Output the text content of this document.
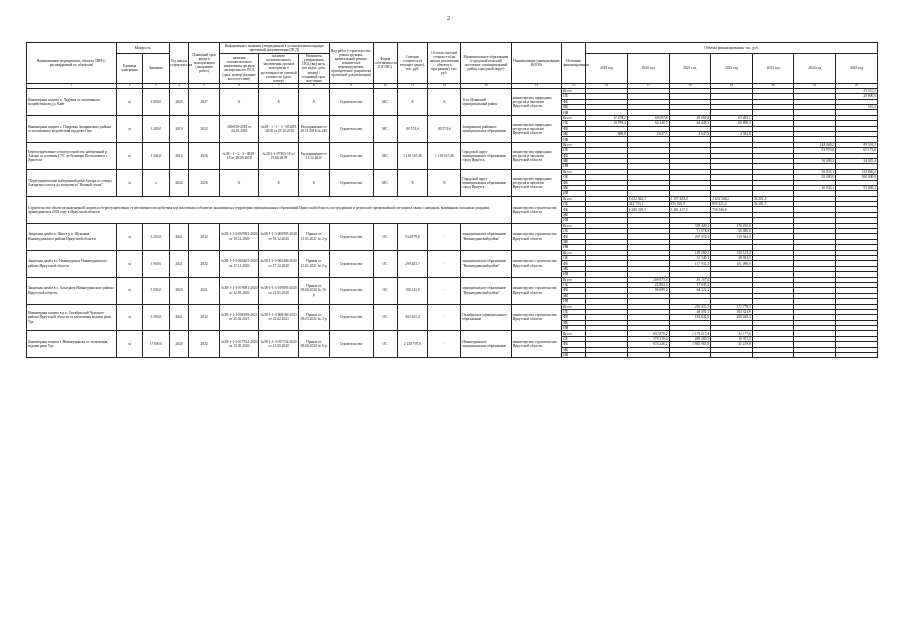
2
Наименование мероприятия, объекта, ПИР (с расшифровкой по объектам)	Мощность		Год начала строительства	Плановый срок ввода в эксплуатацию (окончания работ)	Информация о наличии утвержденной в установленном порядке проектной документации (ПСД)			Вид работ (строительство, реконструкция, капитальный ремонт, техническое перевооружение, приобретение, разработка проектной документации)	Форма собственности (ОС/МС)	Сметная стоимость (в текущих ценах), тыс. руб.	Остаток сметной стоимости (на начало реализации объекта и программы), тыс. руб.	Муниципальное образование (городской/сельский поселение, муниципальный район, городской округ)	Наименование (наименование ИОГВ)	Источник финансирования	Объемы финансирования, тыс. руб.						
	Единица измерения	Значение			наличие положительного заключения органов экспертизы по ПСД (дата, номер/указание на отсутствие)	наличие положительного заключения органов экспертизы о достоверности сметной стоимости (дата, номер)	Реквизиты утверждения ПСД (вид акта, кто издал, дата, номер) / плановый срок получения								2019 год	2020 год	2021 год	2022 год	2023 год	2024 год	2025 год

1	2	3	4	5	6	7	8	9	10	11	12	13	14	15	16	17	18	19	20	21	22
Инженерная защита п. Ладунья от негативного воздействия вод р. Кайт	м	2 000,0	2025	2027	Х	Х	Х	Строительство	МС	Х	Х	Усть-Илимский муниципальный район	министерство природных ресурсов и экологии Иркутской области	Всего							25 510,2
														ОБ							25 000,0
														ФБ							
														МБ							510,2
														ИИ							
Инженерная защита с. Покровка Заларинского района от негативного воздействия вод реки Оки	м	3 280,0	2019	2022	269/038-2018 от 24.10.2018	№38 - 1 - 1 - 3 - 003295 - 2018 от 25.10.2018	Распоряжение от 29.11.2018 № 243	Строительство	МС	80 574,6	80 574,6	Заларинское районное муниципальное образование	министерство природных ресурсов и экологии Иркутской области	Всего	11 478,2	69 093,8	49 095,8	63 482,1			
														ОБ	10 789,4	64 448,5	64 448,5	60 898,3			
														ФБ							
														МБ	688,8	4 647,3	4 647,3	4 583,8			
														ИИ							
Берегоукрепление и благоустройство набережной р. Ангара от плотины ГЭС до бульвара Постышева в г. Иркутске	м	1 342,0	2014	2016	№38 - 1 - 1 - 3 - 0039 - 18 от 28.05.2018	№38-1-1-07565-18 от 15.06.2018	Распоряжение от 11.12.2020	Строительство	МС	1 118 167,46	1 118 167,46	Городской округ муниципальное образование город Иркутск	министерство природных ресурсов и экологии Иркутской области	Всего						144 569,2	89 501,2
														ОБ						93 970,0	65 175,8
														ФБ							
														МБ						50 599,2	24 325,4
														ИИ							
"Берегоукрепление набережной реки Ангара от створа Ангарского моста до монумента "Вечный огонь"	м	х	2024	2026	Х	Х	Х	Строительство	МС	Х	Х	Городской округ муниципальное образование город Иркутск	министерство природных ресурсов и экологии Иркутской области	Всего						36 933,1	153 846,2
														ОБ						20 000,0	100 000,0
														ФБ							
														МБ						16 933,1	53 846,2
														ИИ							
Строительство объектов инженерной защиты и берегоукрепления от негативного воздействия вод населения и объектов экономики на территории муниципальных образований Иркутской области, пострадавших в результате чрезвычайной ситуации в связи с паводком, вызванным сильными дождями, прошедшими в 2019 году в Иркутской области													министерство строительства Иркутской области	Всего		1 632 062,3	1 157 444,4	1 632 168,2	56 281,5		
														ОБ		342 733,1	876 026,9	865 421,4	56 281,5		
														ФБ		1 289 329,3	3 281 417,5	756 546,8			
														МБ							
														ИИ							
Защитная дамба п. Шиа в р.п. Шуманиа Нижнеудинского района Иркутской области	м	5 253,0	2021	2022	№38-1-1-3-065993-2020 от 10.12.2020	№38-1-1-3-065995-2020 от 18.12.2020	Приказ от 31.01.2021 № 2-р	Строительство	ОС	514 879,8	-	муниципальное образование "Нижнеудинский район"	министерство строительства Иркутской области	Всего			338 449,2	176 430,6			
														ОБ			71 074,3	56 486,6			
														ФБ			267 374,9	119 944,0			
														МБ							
														ИИ							
Защитная дамба в г. Нижнеудинск Нижнеудинского района Иркутской области	м	3 900,0	2021	2022	№38-1-1-3-065403-2020 от 17.12.2020	№38-1-1-3-065406-2020 от 17.12.2020	Приказ от 23.01.2021 № 2-р	Строительство	ОС	299 403,7	-	муниципальное образование "Нижнеудинский район"	министерство строительства Иркутской области	Всего			149 280,3	150 123,4			
														ОБ			31 349,1	48 024,5			
														ФБ			117 931,2	101 098,9			
														МБ							
														ИИ							
Защитная дамба в с. Алыгджер Нижнеудинского района Иркутской области	м	3 505,0	2020	2021	№38-1-1-3-019091-2020 от 12.05.2020	№38-1-1-3-019093-2020 от 21.05.2020	Приказ от 09.06.2020 № 35-р	Строительство	ОС	190 141,0	-	муниципальное образование "Нижнеудинский район"	министерство строительства Иркутской области	Всего		108 973,4	81 167,6				
														ОБ		22 884,4	17 045,4				
														ФБ		86 089,0	64 122,2				
														МБ							
														ИИ							
Инженерная защита в р.п. Октябрьский Чунского района Иркутской области от затопления водами реки Уда	м	5 390,0	2021	2022	№38-1-1-3-008188-2021 от 25.02.2021	№38-1-1-3-008166-2021 от 25.02.2021	Приказ от 09.03.2021 № 3-р	Строительство	ОС	402 301,4	-	Октябрьское муниципальное образование	министерство строительства Иркутской области	Всего			230 431,3	171 778,3			
														ОБ			48 391,1	103 321,9			
														ФБ			182 042,0	268 448,4			
														МБ							
														ИИ							
Инженерная защита г. Нижнеудинска от затопления водами реки Уда	м	17 000,0	2020	2022	№38-1-1-3-017532-2020 от 15.05.2020	№38-1-1-3-017532-2020 от 15.05.2020	Приказ от 09.06.2020 № 6-р	Строительство	ОС	2 228 707,6	-	Нижнеудинское муниципальное образование	министерство строительства Иркутской области	Всего		853 878,2	1 175 213,4	52 177,0			
														ОБ		179 319,0	289 285,5	10 957,2			
														ФБ		674 246,2	1 885 963,9	41 219,8			
														МБ							
														ИИ							
